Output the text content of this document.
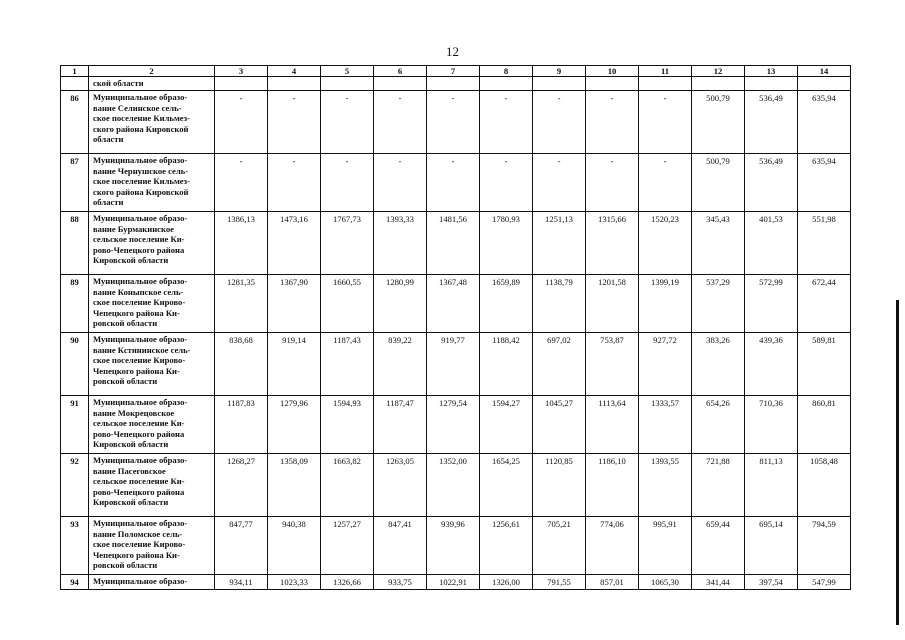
12
1	2	3	4	5	6	7	8	9	10	11	12	13	14
	ской области												
86	Муниципальное образо-
вание Селинское сель-
ское поселение Кильмез-
ского района Кировской
области	-	-	-	-	-	-	-	-	-	500,79	536,49	635,94
87	Муниципальное образо-
вание Чернушское сель-
ское поселение Кильмез-
ского района Кировской
области	-	-	-	-	-	-	-	-	-	500,79	536,49	635,94
88	Муниципальное образо-
вание Бурмакинское
сельское поселение Ки-
рово-Чепецкого района
Кировской области	1386,13	1473,16	1767,73	1393,33	1481,56	1780,93	1251,13	1315,66	1520,23	345,43	401,53	551,98
89	Муниципальное образо-
вание Коныпское сель-
ское поселение Кирово-
Чепецкого района Ки-
ровской области	1281,35	1367,90	1660,55	1280,99	1367,48	1659,89	1138,79	1201,58	1399,19	537,29	572,99	672,44
90	Муниципальное образо-
вание Кстининское сель-
ское поселение Кирово-
Чепецкого района Ки-
ровской области	838,68	919,14	1187,43	839,22	919,77	1188,42	697,02	753,87	927,72	383,26	439,36	589,81
91	Муниципальное образо-
вание Мокрецовское
сельское поселение Ки-
рово-Чепецкого района
Кировской области	1187,83	1279,96	1594,93	1187,47	1279,54	1594,27	1045,27	1113,64	1333,57	654,26	710,36	860,81
92	Муниципальное образо-
вание Пасеговское
сельское поселение Ки-
рово-Чепецкого района
Кировской области	1268,27	1358,09	1663,82	1263,05	1352,00	1654,25	1120,85	1186,10	1393,55	721,88	811,13	1058,48
93	Муниципальное образо-
вание Поломское сель-
ское поселение Кирово-
Чепецкого района Ки-
ровской области	847,77	940,38	1257,27	847,41	939,96	1256,61	705,21	774,06	995,91	659,44	695,14	794,59
94	Муниципальное образо-	934,11	1023,33	1326,66	933,75	1022,91	1326,00	791,55	857,01	1065,30	341,44	397,54	547,99
